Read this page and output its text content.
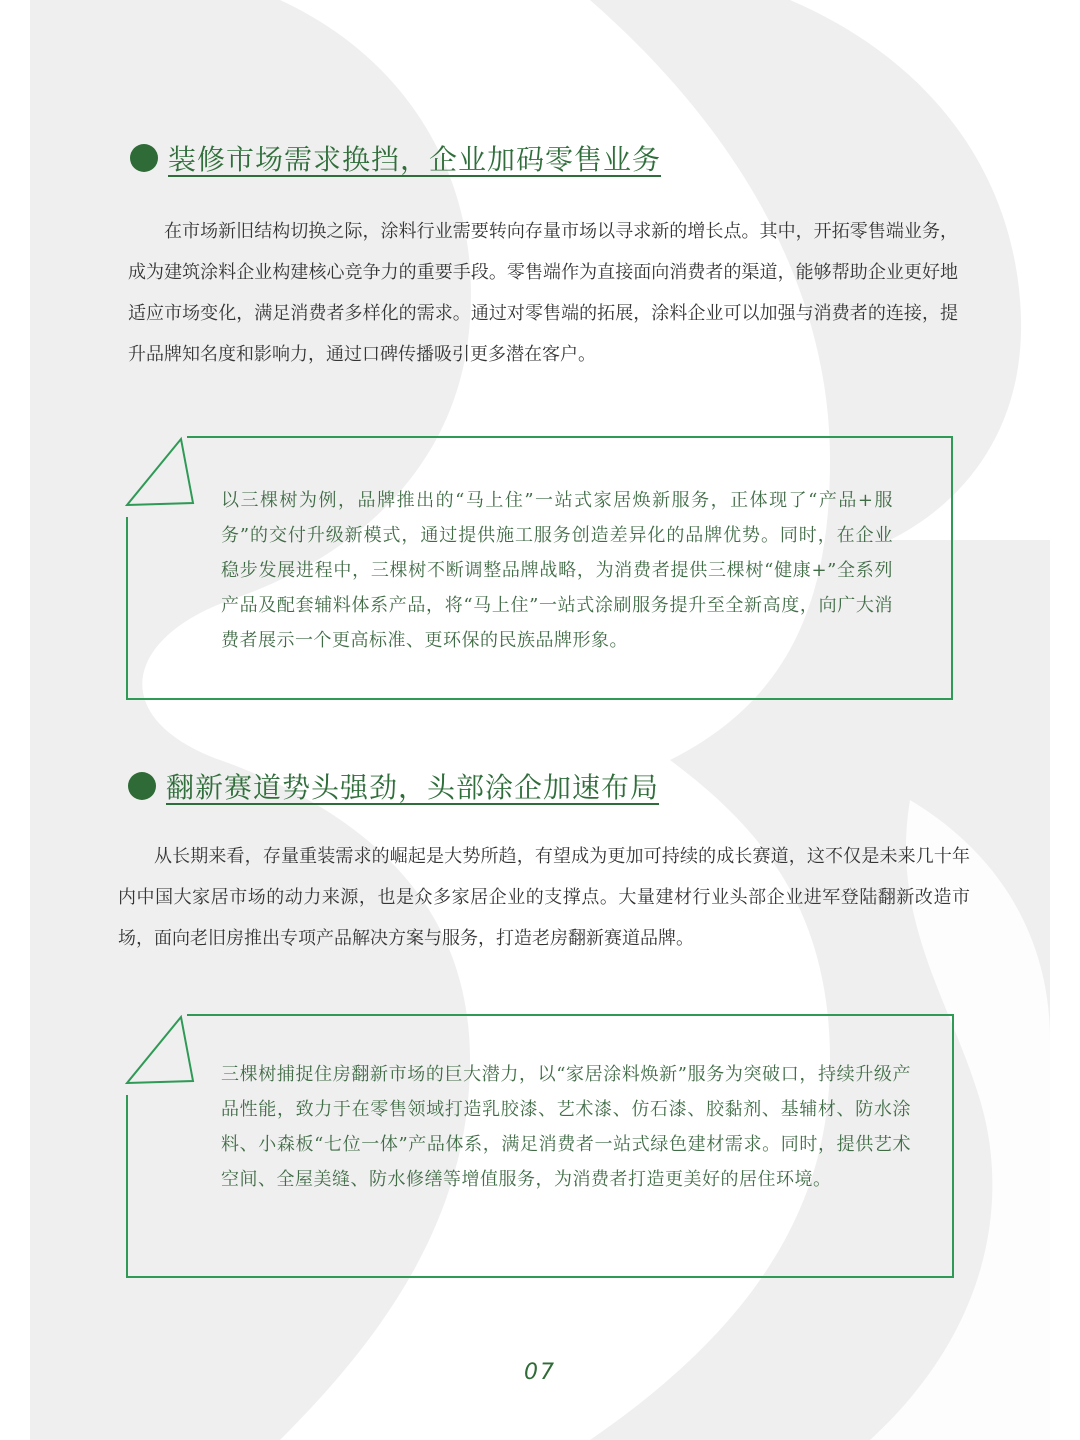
装修市场需求换挡，企业加码零售业务

在市场新旧结构切换之际，涂料行业需要转向存量市场以寻求新的增长点。其中，开拓零售端业务，成为建筑涂料企业构建核心竞争力的重要手段。零售端作为直接面向消费者的渠道，能够帮助企业更好地适应市场变化，满足消费者多样化的需求。通过对零售端的拓展，涂料企业可以加强与消费者的连接，提升品牌知名度和影响力，通过口碑传播吸引更多潜在客户。

以三棵树为例，品牌推出的“马上住”一站式家居焕新服务，正体现了“产品+服务”的交付升级新模式，通过提供施工服务创造差异化的品牌优势。同时，在企业稳步发展进程中，三棵树不断调整品牌战略，为消费者提供三棵树“健康+”全系列产品及配套辅料体系产品，将“马上住”一站式涂刷服务提升至全新高度，向广大消费者展示一个更高标准、更环保的民族品牌形象。

翻新赛道势头强劲，头部涂企加速布局

从长期来看，存量重装需求的崛起是大势所趋，有望成为更加可持续的成长赛道，这不仅是未来几十年内中国大家居市场的动力来源，也是众多家居企业的支撑点。大量建材行业头部企业进军登陆翻新改造市场，面向老旧房推出专项产品解决方案与服务，打造老房翻新赛道品牌。

三棵树捕捉住房翻新市场的巨大潜力，以“家居涂料焕新”服务为突破口，持续升级产品性能，致力于在零售领域打造乳胶漆、艺术漆、仿石漆、胶黏剂、基辅材、防水涂料、小森板“七位一体”产品体系，满足消费者一站式绿色建材需求。同时，提供艺术空间、全屋美缝、防水修缮等增值服务，为消费者打造更美好的居住环境。

07
